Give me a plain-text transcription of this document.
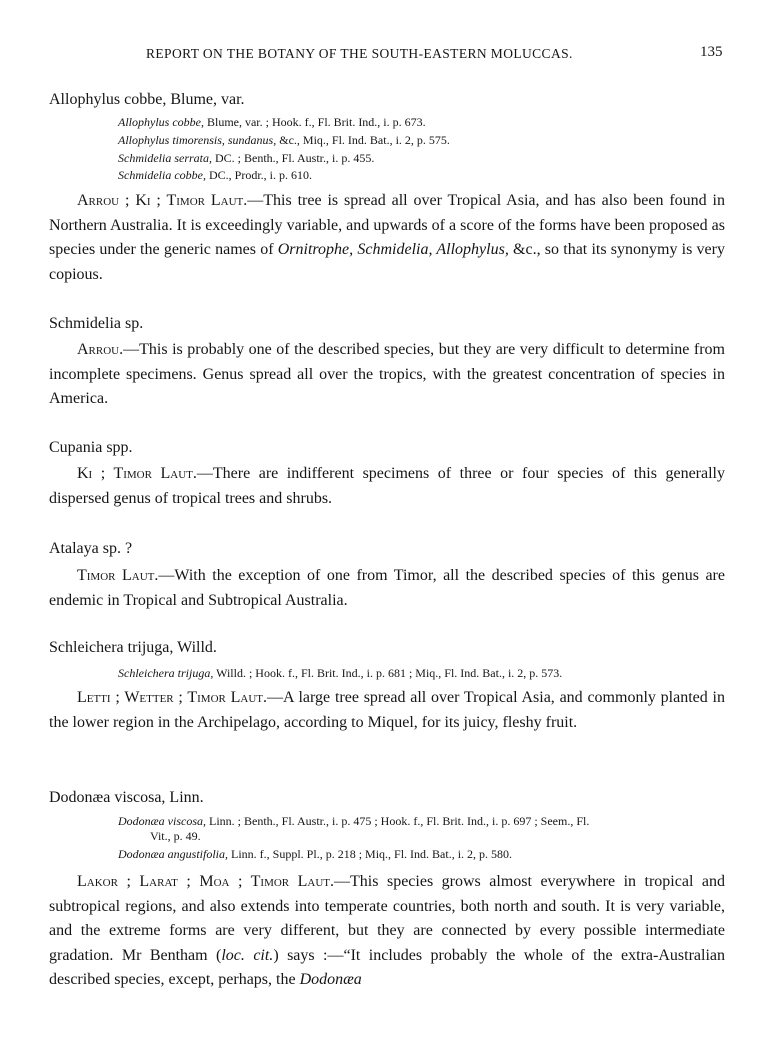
REPORT ON THE BOTANY OF THE SOUTH-EASTERN MOLUCCAS.	135
Allophylus cobbe, Blume, var.
Allophylus cobbe, Blume, var. ; Hook. f., Fl. Brit. Ind., i. p. 673.
Allophylus timorensis, sundanus, &c., Miq., Fl. Ind. Bat., i. 2, p. 575.
Schmidelia serrata, DC. ; Benth., Fl. Austr., i. p. 455.
Schmidelia cobbe, DC., Prodr., i. p. 610.
Arrou ; Ki ; Timor Laut.—This tree is spread all over Tropical Asia, and has also been found in Northern Australia. It is exceedingly variable, and upwards of a score of the forms have been proposed as species under the generic names of Ornitrophe, Schmidelia, Allophylus, &c., so that its synonymy is very copious.
Schmidelia sp.
Arrou.—This is probably one of the described species, but they are very difficult to determine from incomplete specimens. Genus spread all over the tropics, with the greatest concentration of species in America.
Cupania spp.
Ki ; Timor Laut.—There are indifferent specimens of three or four species of this generally dispersed genus of tropical trees and shrubs.
Atalaya sp. ?
Timor Laut.—With the exception of one from Timor, all the described species of this genus are endemic in Tropical and Subtropical Australia.
Schleichera trijuga, Willd.
Schleichera trijuga, Willd. ; Hook. f., Fl. Brit. Ind., i. p. 681 ; Miq., Fl. Ind. Bat., i. 2, p. 573.
Letti ; Wetter ; Timor Laut.—A large tree spread all over Tropical Asia, and commonly planted in the lower region in the Archipelago, according to Miquel, for its juicy, fleshy fruit.
Dodonæa viscosa, Linn.
Dodonæa viscosa, Linn. ; Benth., Fl. Austr., i. p. 475 ; Hook. f., Fl. Brit. Ind., i. p. 697 ; Seem., Fl.
Vit., p. 49.
Dodonæa angustifolia, Linn. f., Suppl. Pl., p. 218 ; Miq., Fl. Ind. Bat., i. 2, p. 580.
Lakor ; Larat ; Moa ; Timor Laut.—This species grows almost everywhere in tropical and subtropical regions, and also extends into temperate countries, both north and south. It is very variable, and the extreme forms are very different, but they are connected by every possible intermediate gradation. Mr Bentham (loc. cit.) says :—“It includes probably the whole of the extra-Australian described species, except, perhaps, the Dodonæa
